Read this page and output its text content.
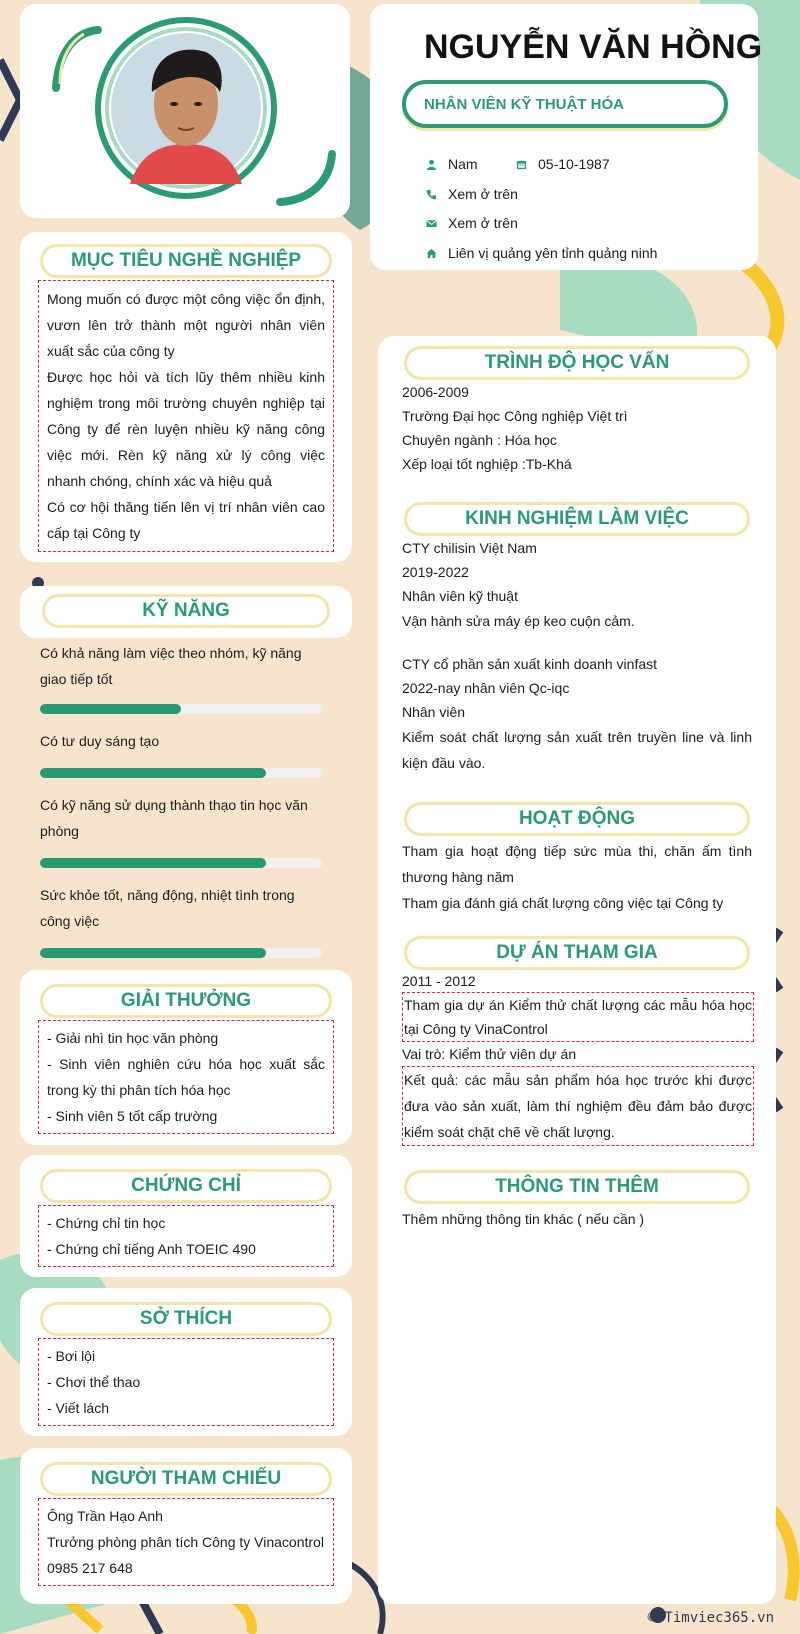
NGUYỄN VĂN HỒNG
NHÂN VIÊN KỸ THUẬT HÓA
Nam	05-10-1987
Xem ở trên
Xem ở trên
Liên vị quảng yên tỉnh quảng ninh
MỤC TIÊU NGHỀ NGHIỆP
Mong muốn có được một công việc ổn định, vươn lên trở thành một người nhân viên xuất sắc của công ty
Được học hỏi và tích lũy thêm nhiều kinh nghiệm trong môi trường chuyên nghiệp tại Công ty để rèn luyện nhiều kỹ năng công việc mới. Rèn kỹ năng xử lý công việc nhanh chóng, chính xác và hiệu quả
Có cơ hội thăng tiến lên vị trí nhân viên cao cấp tại Công ty
KỸ NĂNG
Có khả năng làm việc theo nhóm, kỹ năng giao tiếp tốt
Có tư duy sáng tạo
Có kỹ năng sử dụng thành thạo tin học văn phòng
Sức khỏe tốt, năng động, nhiệt tình trong công việc
GIẢI THƯỞNG
- Giải nhì tin học văn phòng
- Sinh viên nghiên cứu hóa học xuất sắc trong kỳ thi phân tích hóa học
- Sinh viên 5 tốt cấp trường
CHỨNG CHỈ
- Chứng chỉ tin học
- Chứng chỉ tiếng Anh TOEIC 490
SỞ THÍCH
- Bơi lội
- Chơi thể thao
- Viết lách
NGƯỜI THAM CHIẾU
Ông Trần Hạo Anh
Trưởng phòng phân tích Công ty Vinacontrol
0985 217 648
TRÌNH ĐỘ HỌC VẤN
2006-2009
Trường Đại học Công nghiệp Việt trì
Chuyên ngành : Hóa học
Xếp loại tốt nghiệp :Tb-Khá
KINH NGHIỆM LÀM VIỆC
CTY chilisin Việt Nam
2019-2022
Nhân viên kỹ thuật
Vận hành sửa máy ép keo cuộn cảm.
CTY cổ phần sản xuất kinh doanh vinfast
2022-nay nhân viên Qc-iqc
Nhân viên
Kiểm soát chất lượng sản xuất trên truyền line và linh kiện đầu vào.
HOẠT ĐỘNG
Tham gia hoạt động tiếp sức mùa thi, chăn ấm tình thương hàng năm
Tham gia đánh giá chất lượng công việc tại Công ty
DỰ ÁN THAM GIA
2011 - 2012
Tham gia dự án Kiểm thử chất lượng các mẫu hóa học tại Công ty VinaControl
Vai trò: Kiểm thử viên dự án
Kết quả: các mẫu sản phẩm hóa học trước khi được đưa vào sản xuất, làm thí nghiệm đều đảm bảo được kiểm soát chặt chẽ về chất lượng.
THÔNG TIN THÊM
Thêm những thông tin khác ( nếu cần )
© Timviec365.vn
